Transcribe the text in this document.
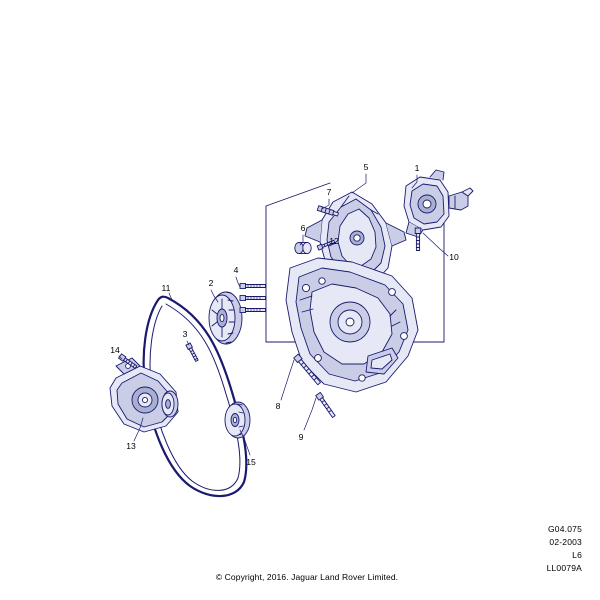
1
2
3
4
5
6
7
8
9
10
11
12
13
14
15
G04.075
02-2003
L6
LL0079A
© Copyright, 2016. Jaguar Land Rover Limited.
